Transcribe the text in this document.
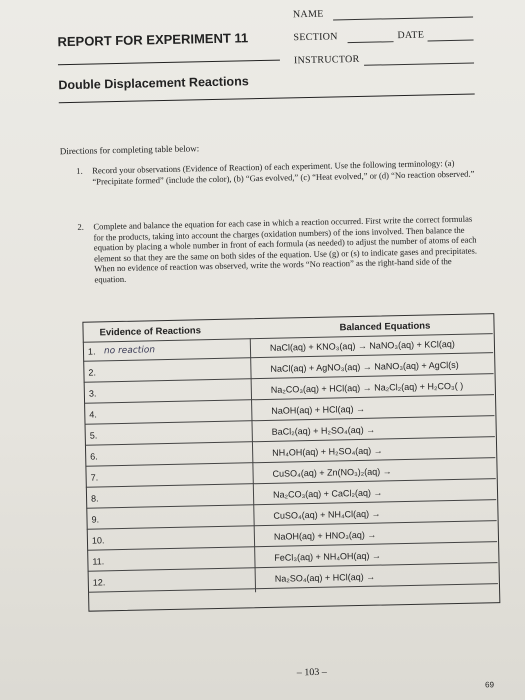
NAME
SECTION	DATE
INSTRUCTOR
REPORT FOR EXPERIMENT 11
Double Displacement Reactions
Directions for completing table below:
1. Record your observations (Evidence of Reaction) of each experiment. Use the following terminology: (a) “Precipitate formed” (include the color), (b) “Gas evolved,” (c) “Heat evolved,” or (d) “No reaction observed.”
2. Complete and balance the equation for each case in which a reaction occurred. First write the correct formulas for the products, taking into account the charges (oxidation numbers) of the ions involved. Then balance the equation by placing a whole number in front of each formula (as needed) to adjust the number of atoms of each element so that they are the same on both sides of the equation. Use (g) or (s) to indicate gases and precipitates. When no evidence of reaction was observed, write the words “No reaction” as the right-hand side of the equation.
Evidence of Reactions	Balanced Equations
1. no reaction	NaCl(aq) + KNO₃(aq) → NaNO₃(aq) + KCl(aq)
2.	NaCl(aq) + AgNO₃(aq) → NaNO₃(aq) + AgCl(s)
3.	Na₂CO₃(aq) + HCl(aq) → Na₂Cl₂(aq) + H₂CO₃( )
4.	NaOH(aq) + HCl(aq) →
5.	BaCl₂(aq) + H₂SO₄(aq) →
6.	NH₄OH(aq) + H₂SO₄(aq) →
7.	CuSO₄(aq) + Zn(NO₃)₂(aq) →
8.	Na₂CO₃(aq) + CaCl₂(aq) →
9.	CuSO₄(aq) + NH₄Cl(aq) →
10.	NaOH(aq) + HNO₃(aq) →
11.	FeCl₃(aq) + NH₄OH(aq) →
12.	Na₂SO₄(aq) + HCl(aq) →
– 103 –
69
